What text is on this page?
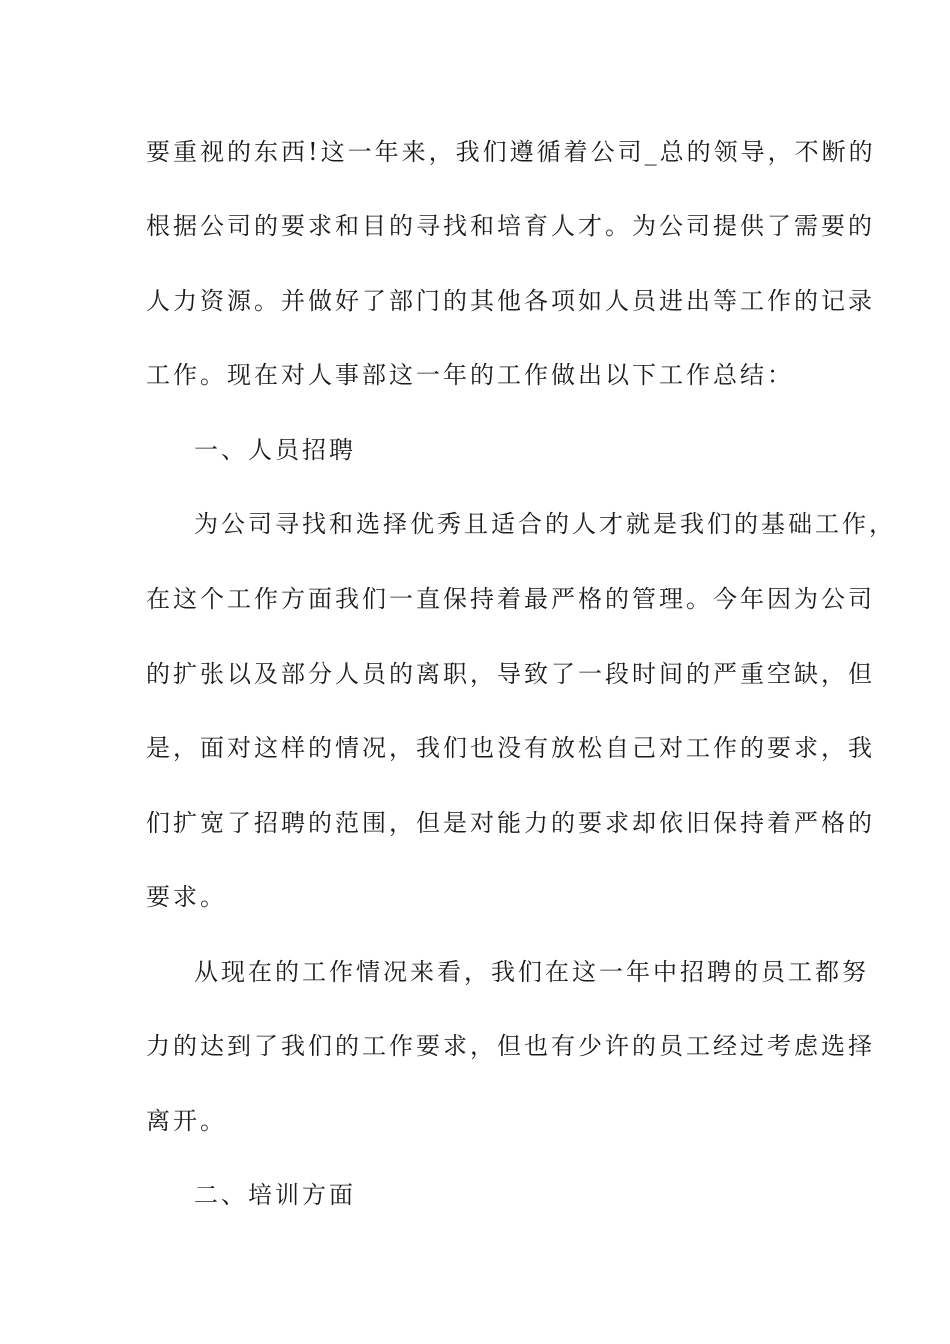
要重视的东西!这一年来，我们遵循着公司_总的领导，不断的
根据公司的要求和目的寻找和培育人才。为公司提供了需要的
人力资源。并做好了部门的其他各项如人员进出等工作的记录
工作。现在对人事部这一年的工作做出以下工作总结：
一、人员招聘
为公司寻找和选择优秀且适合的人才就是我们的基础工作，
在这个工作方面我们一直保持着最严格的管理。今年因为公司
的扩张以及部分人员的离职，导致了一段时间的严重空缺，但
是，面对这样的情况，我们也没有放松自己对工作的要求，我
们扩宽了招聘的范围，但是对能力的要求却依旧保持着严格的
要求。
从现在的工作情况来看，我们在这一年中招聘的员工都努
力的达到了我们的工作要求，但也有少许的员工经过考虑选择
离开。
二、培训方面
